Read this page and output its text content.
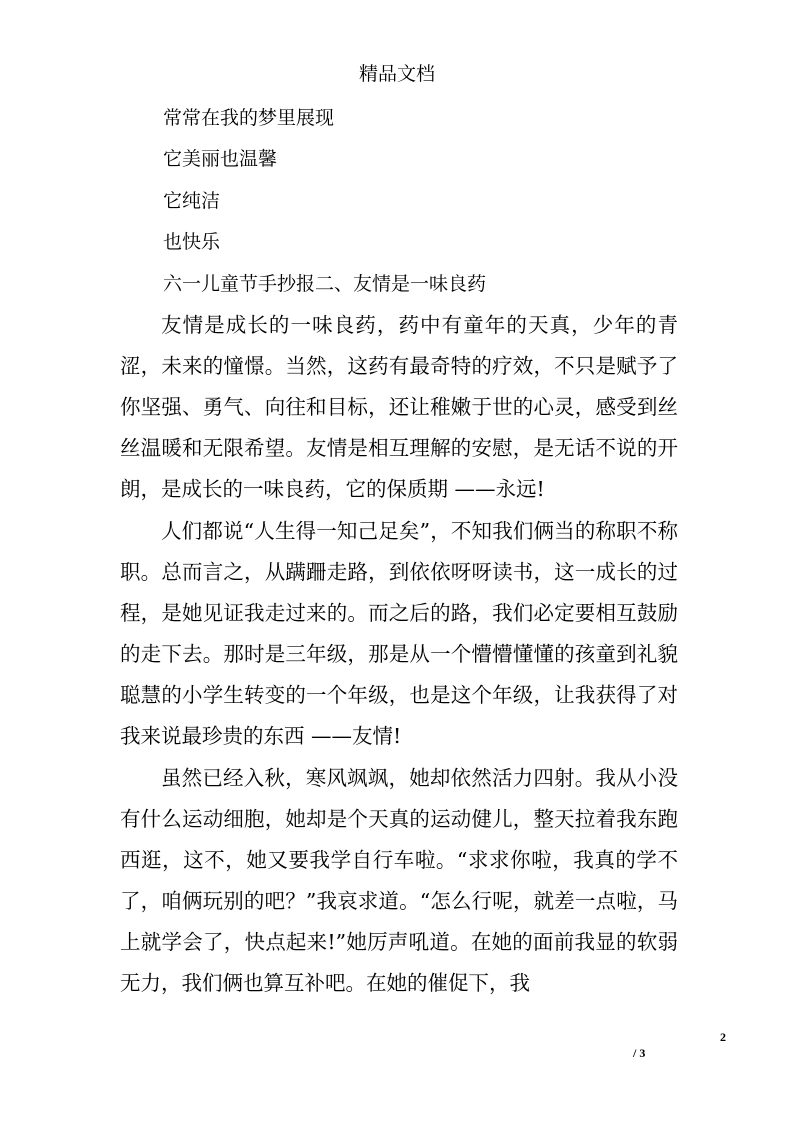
精品文档
常常在我的梦里展现
它美丽也温馨
它纯洁
也快乐
六一儿童节手抄报二、友情是一味良药
友情是成长的一味良药，药中有童年的天真，少年的青涩，未来的憧憬。当然，这药有最奇特的疗效，不只是赋予了你坚强、勇气、向往和目标，还让稚嫩于世的心灵，感受到丝丝温暖和无限希望。友情是相互理解的安慰，是无话不说的开朗，是成长的一味良药，它的保质期 ——永远!
人们都说“人生得一知己足矣”，不知我们俩当的称职不称职。总而言之，从蹒跚走路，到依依呀呀读书，这一成长的过程，是她见证我走过来的。而之后的路，我们必定要相互鼓励的走下去。那时是三年级，那是从一个懵懵懂懂的孩童到礼貌聪慧的小学生转变的一个年级，也是这个年级，让我获得了对我来说最珍贵的东西 ——友情!
虽然已经入秋，寒风飒飒，她却依然活力四射。我从小没有什么运动细胞，她却是个天真的运动健儿，整天拉着我东跑西逛，这不，她又要我学自行车啦。“求求你啦，我真的学不了，咱俩玩别的吧？”我哀求道。“怎么行呢，就差一点啦，马上就学会了，快点起来!”她厉声吼道。在她的面前我显的软弱无力，我们俩也算互补吧。在她的催促下，我
2
/ 3
